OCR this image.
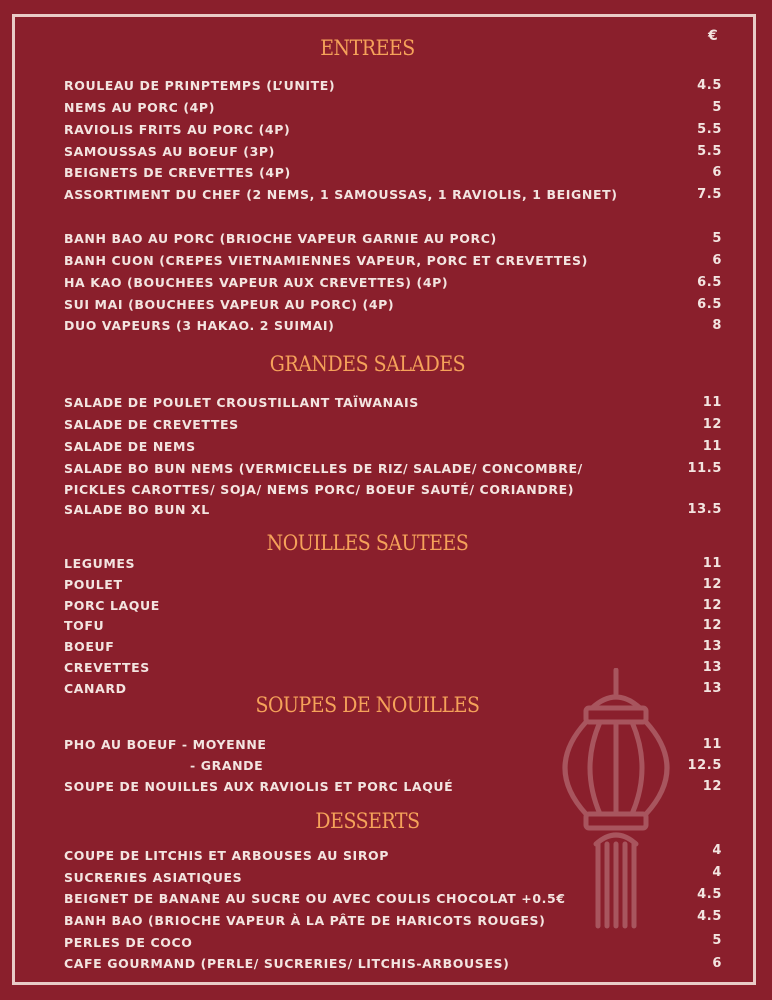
€
ENTREES
ROULEAU DE PRINPTEMPS (L’UNITE)	4.5
NEMS AU PORC (4P)	5
RAVIOLIS FRITS AU PORC (4P)	5.5
SAMOUSSAS AU BOEUF (3P)	5.5
BEIGNETS DE CREVETTES (4P)	6
ASSORTIMENT DU CHEF (2 NEMS, 1 SAMOUSSAS, 1 RAVIOLIS, 1 BEIGNET)	7.5
BANH BAO AU PORC (BRIOCHE VAPEUR GARNIE AU PORC)	5
BANH CUON (CREPES VIETNAMIENNES VAPEUR, PORC ET CREVETTES)	6
HA KAO (BOUCHEES VAPEUR AUX CREVETTES) (4P)	6.5
SUI MAI (BOUCHEES VAPEUR AU PORC) (4P)	6.5
DUO VAPEURS (3 HAKAO. 2 SUIMAI)	8
GRANDES SALADES
SALADE DE POULET CROUSTILLANT TAÏWANAIS	11
SALADE DE CREVETTES	12
SALADE DE NEMS	11
SALADE BO BUN NEMS (VERMICELLES DE RIZ/ SALADE/ CONCOMBRE/	11.5
PICKLES CAROTTES/ SOJA/ NEMS PORC/ BOEUF SAUTÉ/ CORIANDRE)
SALADE BO BUN XL	13.5
NOUILLES SAUTEES
LEGUMES	11
POULET	12
PORC LAQUE	12
TOFU	12
BOEUF	13
CREVETTES	13
CANARD	13
SOUPES DE NOUILLES
PHO AU BOEUF - MOYENNE	11
- GRANDE	12.5
SOUPE DE NOUILLES AUX RAVIOLIS ET PORC LAQUÉ	12
DESSERTS
COUPE DE LITCHIS ET ARBOUSES AU SIROP	4
SUCRERIES ASIATIQUES	4
BEIGNET DE BANANE AU SUCRE OU AVEC COULIS CHOCOLAT +0.5€	4.5
BANH BAO (BRIOCHE VAPEUR À LA PÂTE DE HARICOTS ROUGES)	4.5
PERLES DE COCO	5
CAFE GOURMAND (PERLE/ SUCRERIES/ LITCHIS-ARBOUSES)	6
